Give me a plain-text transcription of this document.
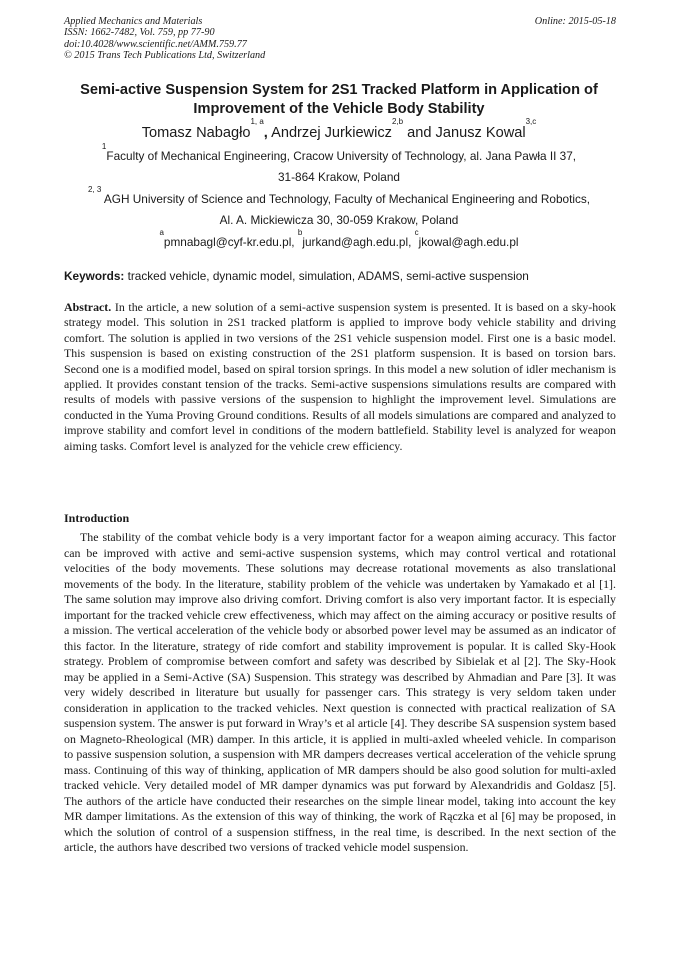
Applied Mechanics and Materials
ISSN: 1662-7482, Vol. 759, pp 77-90
doi:10.4028/www.scientific.net/AMM.759.77
© 2015 Trans Tech Publications Ltd, Switzerland
Online: 2015-05-18
Semi-active Suspension System for 2S1 Tracked Platform in Application of Improvement of the Vehicle Body Stability
Tomasz Nabagło$^{1, a}$, Andrzej Jurkiewicz$^{2,b}$ and Janusz Kowal$^{3,c}$
$^1$Faculty of Mechanical Engineering, Cracow University of Technology, al. Jana Pawła II 37,
31-864 Krakow, Poland
$^{2, 3}$ AGH University of Science and Technology, Faculty of Mechanical Engineering and Robotics,
Al. A. Mickiewicza 30, 30-059 Krakow, Poland
$^a$pmnabagl@cyf-kr.edu.pl, $^b$jurkand@agh.edu.pl, $^c$jkowal@agh.edu.pl
Keywords: tracked vehicle, dynamic model, simulation, ADAMS, semi-active suspension
Abstract. In the article, a new solution of a semi-active suspension system is presented. It is based on a sky-hook strategy model. This solution in 2S1 tracked platform is applied to improve body vehicle stability and driving comfort. The solution is applied in two versions of the 2S1 vehicle suspension model. First one is a basic model. This suspension is based on existing construction of the 2S1 platform suspension. It is based on torsion bars. Second one is a modified model, based on spiral torsion springs. In this model a new solution of idler mechanism is applied. It provides constant tension of the tracks. Semi-active suspensions simulations results are compared with results of models with passive versions of the suspension to highlight the improvement level. Simulations are conducted in the Yuma Proving Ground conditions. Results of all models simulations are compared and analyzed to improve stability and comfort level in conditions of the modern battlefield. Stability level is analyzed for weapon aiming tasks. Comfort level is analyzed for the vehicle crew efficiency.
Introduction
The stability of the combat vehicle body is a very important factor for a weapon aiming accuracy. This factor can be improved with active and semi-active suspension systems, which may control vertical and rotational velocities of the body movements. These solutions may decrease rotational movements as also translational movements of the body. In the literature, stability problem of the vehicle was undertaken by Yamakado et al [1]. The same solution may improve also driving comfort. Driving comfort is also very important factor. It is especially important for the tracked vehicle crew effectiveness, which may affect on the aiming accuracy or positive results of a mission. The vertical acceleration of the vehicle body or absorbed power level may be assumed as an indicator of this factor. In the literature, strategy of ride comfort and stability improvement is popular. It is called Sky-Hook strategy. Problem of compromise between comfort and safety was described by Sibielak et al [2]. The Sky-Hook may be applied in a Semi-Active (SA) Suspension. This strategy was described by Ahmadian and Pare [3]. It was very widely described in literature but usually for passenger cars. This strategy is very seldom taken under consideration in application to the tracked vehicles. Next question is connected with practical realization of SA suspension system. The answer is put forward in Wray’s et al article [4]. They describe SA suspension system based on Magneto-Rheological (MR) damper. In this article, it is applied in multi-axled wheeled vehicle. In comparison to passive suspension solution, a suspension with MR dampers decreases vertical acceleration of the vehicle sprung mass. Continuing of this way of thinking, application of MR dampers should be also good solution for multi-axled tracked vehicle. Very detailed model of MR damper dynamics was put forward by Alexandridis and Goldasz [5]. The authors of the article have conducted their researches on the simple linear model, taking into account the key MR damper limitations. As the extension of this way of thinking, the work of Rączka et al [6] may be proposed, in which the solution of control of a suspension stiffness, in the real time, is described. In the next section of the article, the authors have described two versions of tracked vehicle model suspension.
